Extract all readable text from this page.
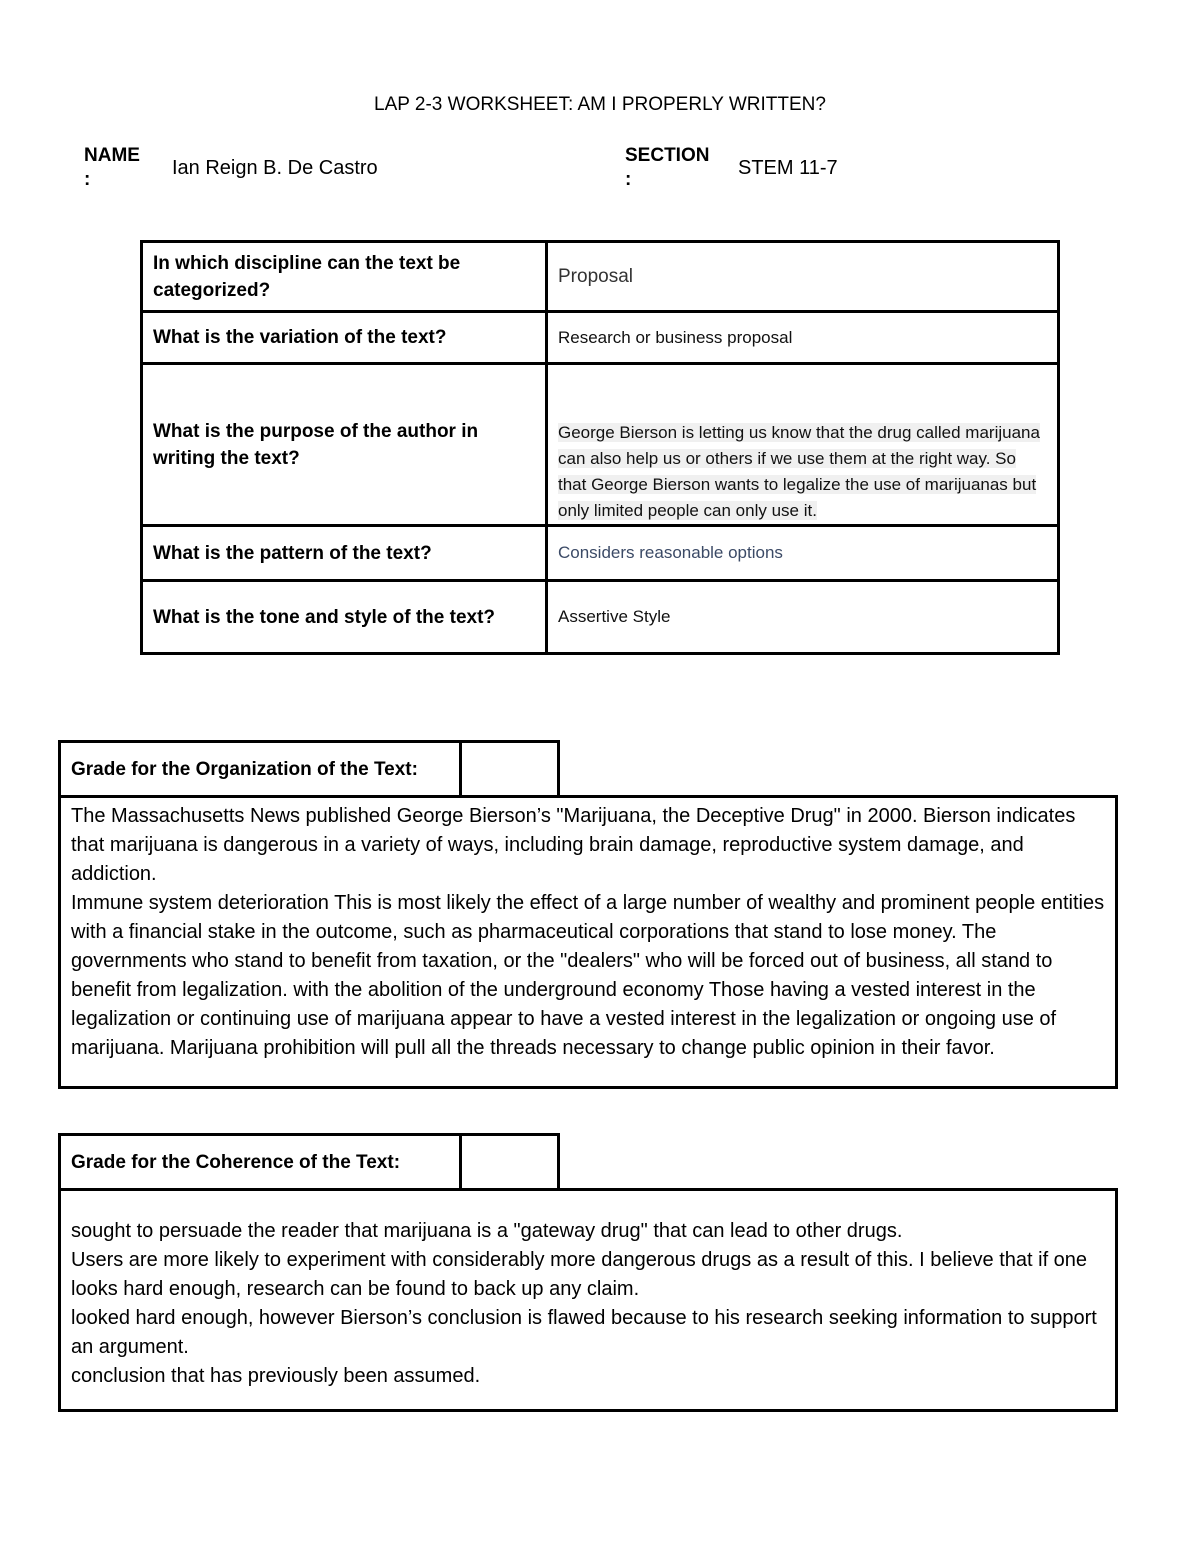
LAP 2-3 WORKSHEET: AM I PROPERLY WRITTEN?
NAME
:
Ian Reign B. De Castro
SECTION
:
STEM 11-7
In which discipline can the text be categorized?	Proposal
What is the variation of the text?	Research or business proposal
What is the purpose of the author in writing the text?	George Bierson is letting us know that the drug called marijuana can also help us or others if we use them at the right way. So that George Bierson wants to legalize the use of marijuanas but only limited people can only use it.
What is the pattern of the text?	Considers reasonable options
What is the tone and style of the text?	Assertive Style
Grade for the Organization of the Text:

The Massachusetts News published George Bierson’s "Marijuana, the Deceptive Drug" in 2000. Bierson indicates that marijuana is dangerous in a variety of ways, including brain damage, reproductive system damage, and addiction.

Immune system deterioration This is most likely the effect of a large number of wealthy and prominent people entities with a financial stake in the outcome, such as pharmaceutical corporations that stand to lose money. The governments who stand to benefit from taxation, or the "dealers" who will be forced out of business, all stand to benefit from legalization. with the abolition of the underground economy Those having a vested interest in the legalization or continuing use of marijuana appear to have a vested interest in the legalization or ongoing use of marijuana. Marijuana prohibition will pull all the threads necessary to change public opinion in their favor.

Grade for the Coherence of the Text:

sought to persuade the reader that marijuana is a "gateway drug" that can lead to other drugs.

Users are more likely to experiment with considerably more dangerous drugs as a result of this. I believe that if one looks hard enough, research can be found to back up any claim.

looked hard enough, however Bierson’s conclusion is flawed because to his research seeking information to support an argument.

conclusion that has previously been assumed.
